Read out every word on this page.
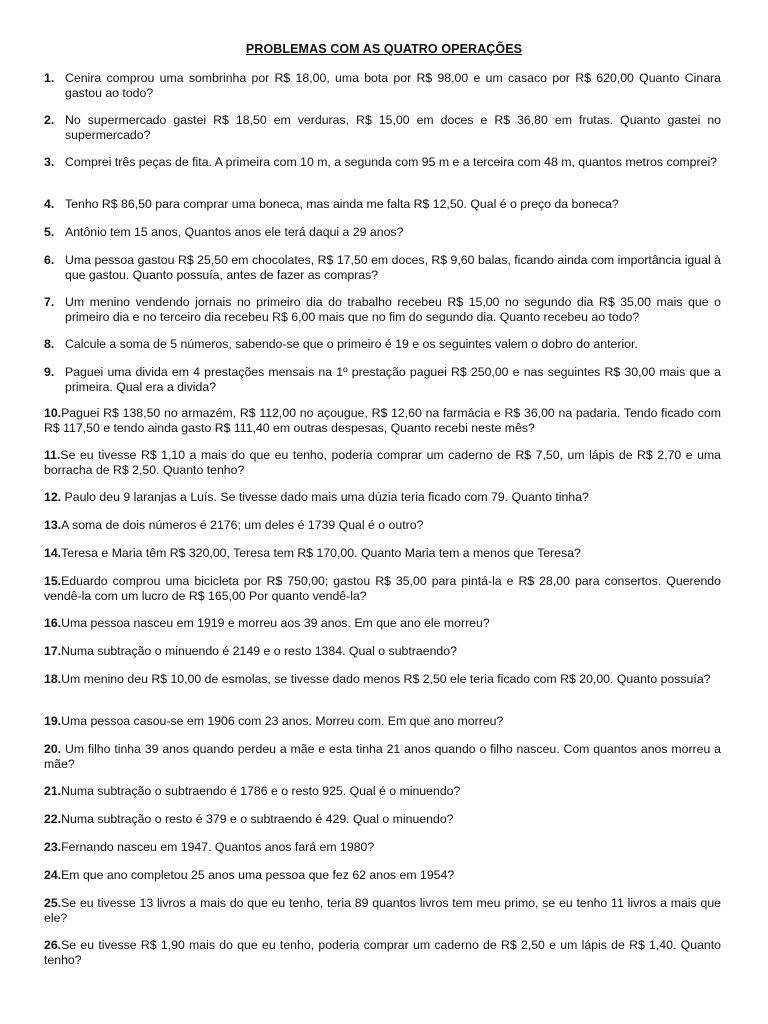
PROBLEMAS COM AS QUATRO OPERAÇÕES
1. Cenira comprou uma sombrinha por R$ 18,00, uma bota por R$ 98,00 e um casaco por R$ 620,00 Quanto Cinara gastou ao todo?
2. No supermercado gastei R$ 18,50 em verduras, R$ 15,00 em doces e R$ 36,80 em frutas. Quanto gastei no supermercado?
3. Comprei três peças de fita. A primeira com 10 m, a segunda com 95 m e a terceira com 48 m, quantos metros comprei?
4. Tenho R$ 86,50 para comprar uma boneca, mas ainda me falta R$ 12,50. Qual é o preço da boneca?
5. Antônio tem 15 anos, Quantos anos ele terá daqui a 29 anos?
6. Uma pessoa gastou R$ 25,50 em chocolates, R$ 17,50 em doces, R$ 9,60 balas, ficando ainda com importância igual à que gastou. Quanto possuía, antes de fazer as compras?
7. Um menino vendendo jornais no primeiro dia do trabalho recebeu R$ 15,00 no segundo dia R$ 35,00 mais que o primeiro dia e no terceiro dia recebeu R$ 6,00 mais que no fim do segundo dia. Quanto recebeu ao todo?
8. Calcule a soma de 5 números, sabendo-se que o primeiro é 19 e os seguintes valem o dobro do anterior.
9. Paguei uma divida em 4 prestações mensais na 1º prestação paguei R$ 250,00 e nas seguintes R$ 30,00 mais que a primeira. Qual era a divida?
10.Paguei R$ 138,50 no armazém, R$ 112,00 no açougue, R$ 12,60 na farmácia e R$ 36,00 na padaria. Tendo ficado com R$ 117,50 e tendo ainda gasto R$ 111,40 em outras despesas, Quanto recebi neste mês?
11.Se eu tivesse R$ 1,10 a mais do que eu tenho, poderia comprar um caderno de R$ 7,50, um lápis de R$ 2,70 e uma borracha de R$ 2,50. Quanto tenho?
12. Paulo deu 9 laranjas a Luís. Se tivesse dado mais uma dúzia teria ficado com 79. Quanto tinha?
13.A soma de dois números é 2176; um deles é 1739 Qual é o outro?
14.Teresa e Maria têm R$ 320,00, Teresa tem R$ 170,00. Quanto Maria tem a menos que Teresa?
15.Eduardo comprou uma bicicleta por R$ 750,00; gastou R$ 35,00 para pintá-la e R$ 28,00 para consertos. Querendo vendê-la com um lucro de R$ 165,00 Por quanto vendê-la?
16.Uma pessoa nasceu em 1919 e morreu aos 39 anos. Em que ano ele morreu?
17.Numa subtração o minuendo é 2149 e o resto 1384. Qual o subtraendo?
18.Um menino deu R$ 10,00 de esmolas, se tivesse dado menos R$ 2,50 ele teria ficado com R$ 20,00. Quanto possuía?
19.Uma pessoa casou-se em 1906 com 23 anos. Morreu com. Em que ano morreu?
20. Um filho tinha 39 anos quando perdeu a mãe e esta tinha 21 anos quando o filho nasceu. Com quantos anos morreu a mãe?
21.Numa subtração o subtraendo é 1786 e o resto 925. Qual é o minuendo?
22.Numa subtração o resto é 379 e o subtraendo é 429. Qual o minuendo?
23.Fernando nasceu em 1947. Quantos anos fará em 1980?
24.Em que ano completou 25 anos uma pessoa que fez 62 anos em 1954?
25.Se eu tivesse 13 livros a mais do que eu tenho, teria 89 quantos livros tem meu primo, se eu tenho 11 livros a mais que ele?
26.Se eu tivesse R$ 1,90 mais do que eu tenho, poderia comprar um caderno de R$ 2,50 e um lápis de R$ 1,40. Quanto tenho?
